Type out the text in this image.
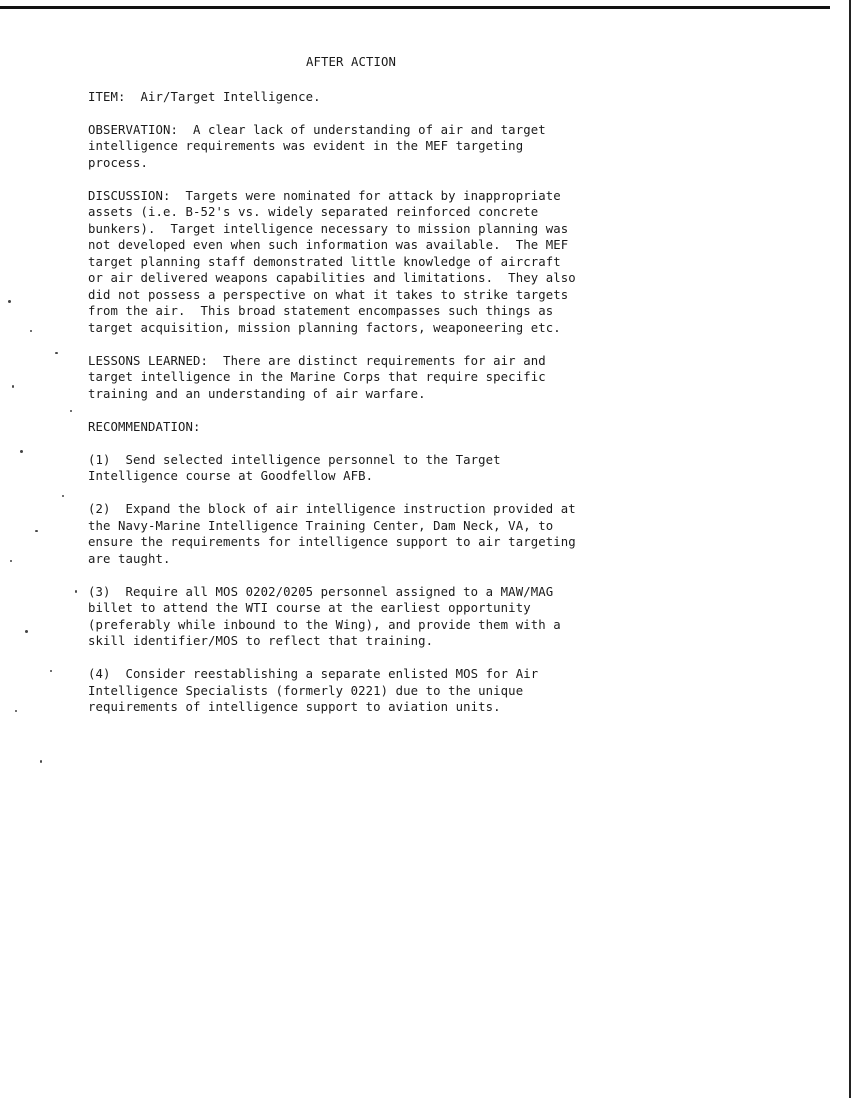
AFTER ACTION
ITEM:  Air/Target Intelligence.
OBSERVATION:  A clear lack of understanding of air and target
intelligence requirements was evident in the MEF targeting
process.
DISCUSSION:  Targets were nominated for attack by inappropriate
assets (i.e. B-52's vs. widely separated reinforced concrete
bunkers).  Target intelligence necessary to mission planning was
not developed even when such information was available.  The MEF
target planning staff demonstrated little knowledge of aircraft
or air delivered weapons capabilities and limitations.  They also
did not possess a perspective on what it takes to strike targets
from the air.  This broad statement encompasses such things as
target acquisition, mission planning factors, weaponeering etc.
LESSONS LEARNED:  There are distinct requirements for air and
target intelligence in the Marine Corps that require specific
training and an understanding of air warfare.
RECOMMENDATION:
(1)  Send selected intelligence personnel to the Target
Intelligence course at Goodfellow AFB.
(2)  Expand the block of air intelligence instruction provided at
the Navy-Marine Intelligence Training Center, Dam Neck, VA, to
ensure the requirements for intelligence support to air targeting
are taught.
(3)  Require all MOS 0202/0205 personnel assigned to a MAW/MAG
billet to attend the WTI course at the earliest opportunity
(preferably while inbound to the Wing), and provide them with a
skill identifier/MOS to reflect that training.
(4)  Consider reestablishing a separate enlisted MOS for Air
Intelligence Specialists (formerly 0221) due to the unique
requirements of intelligence support to aviation units.
